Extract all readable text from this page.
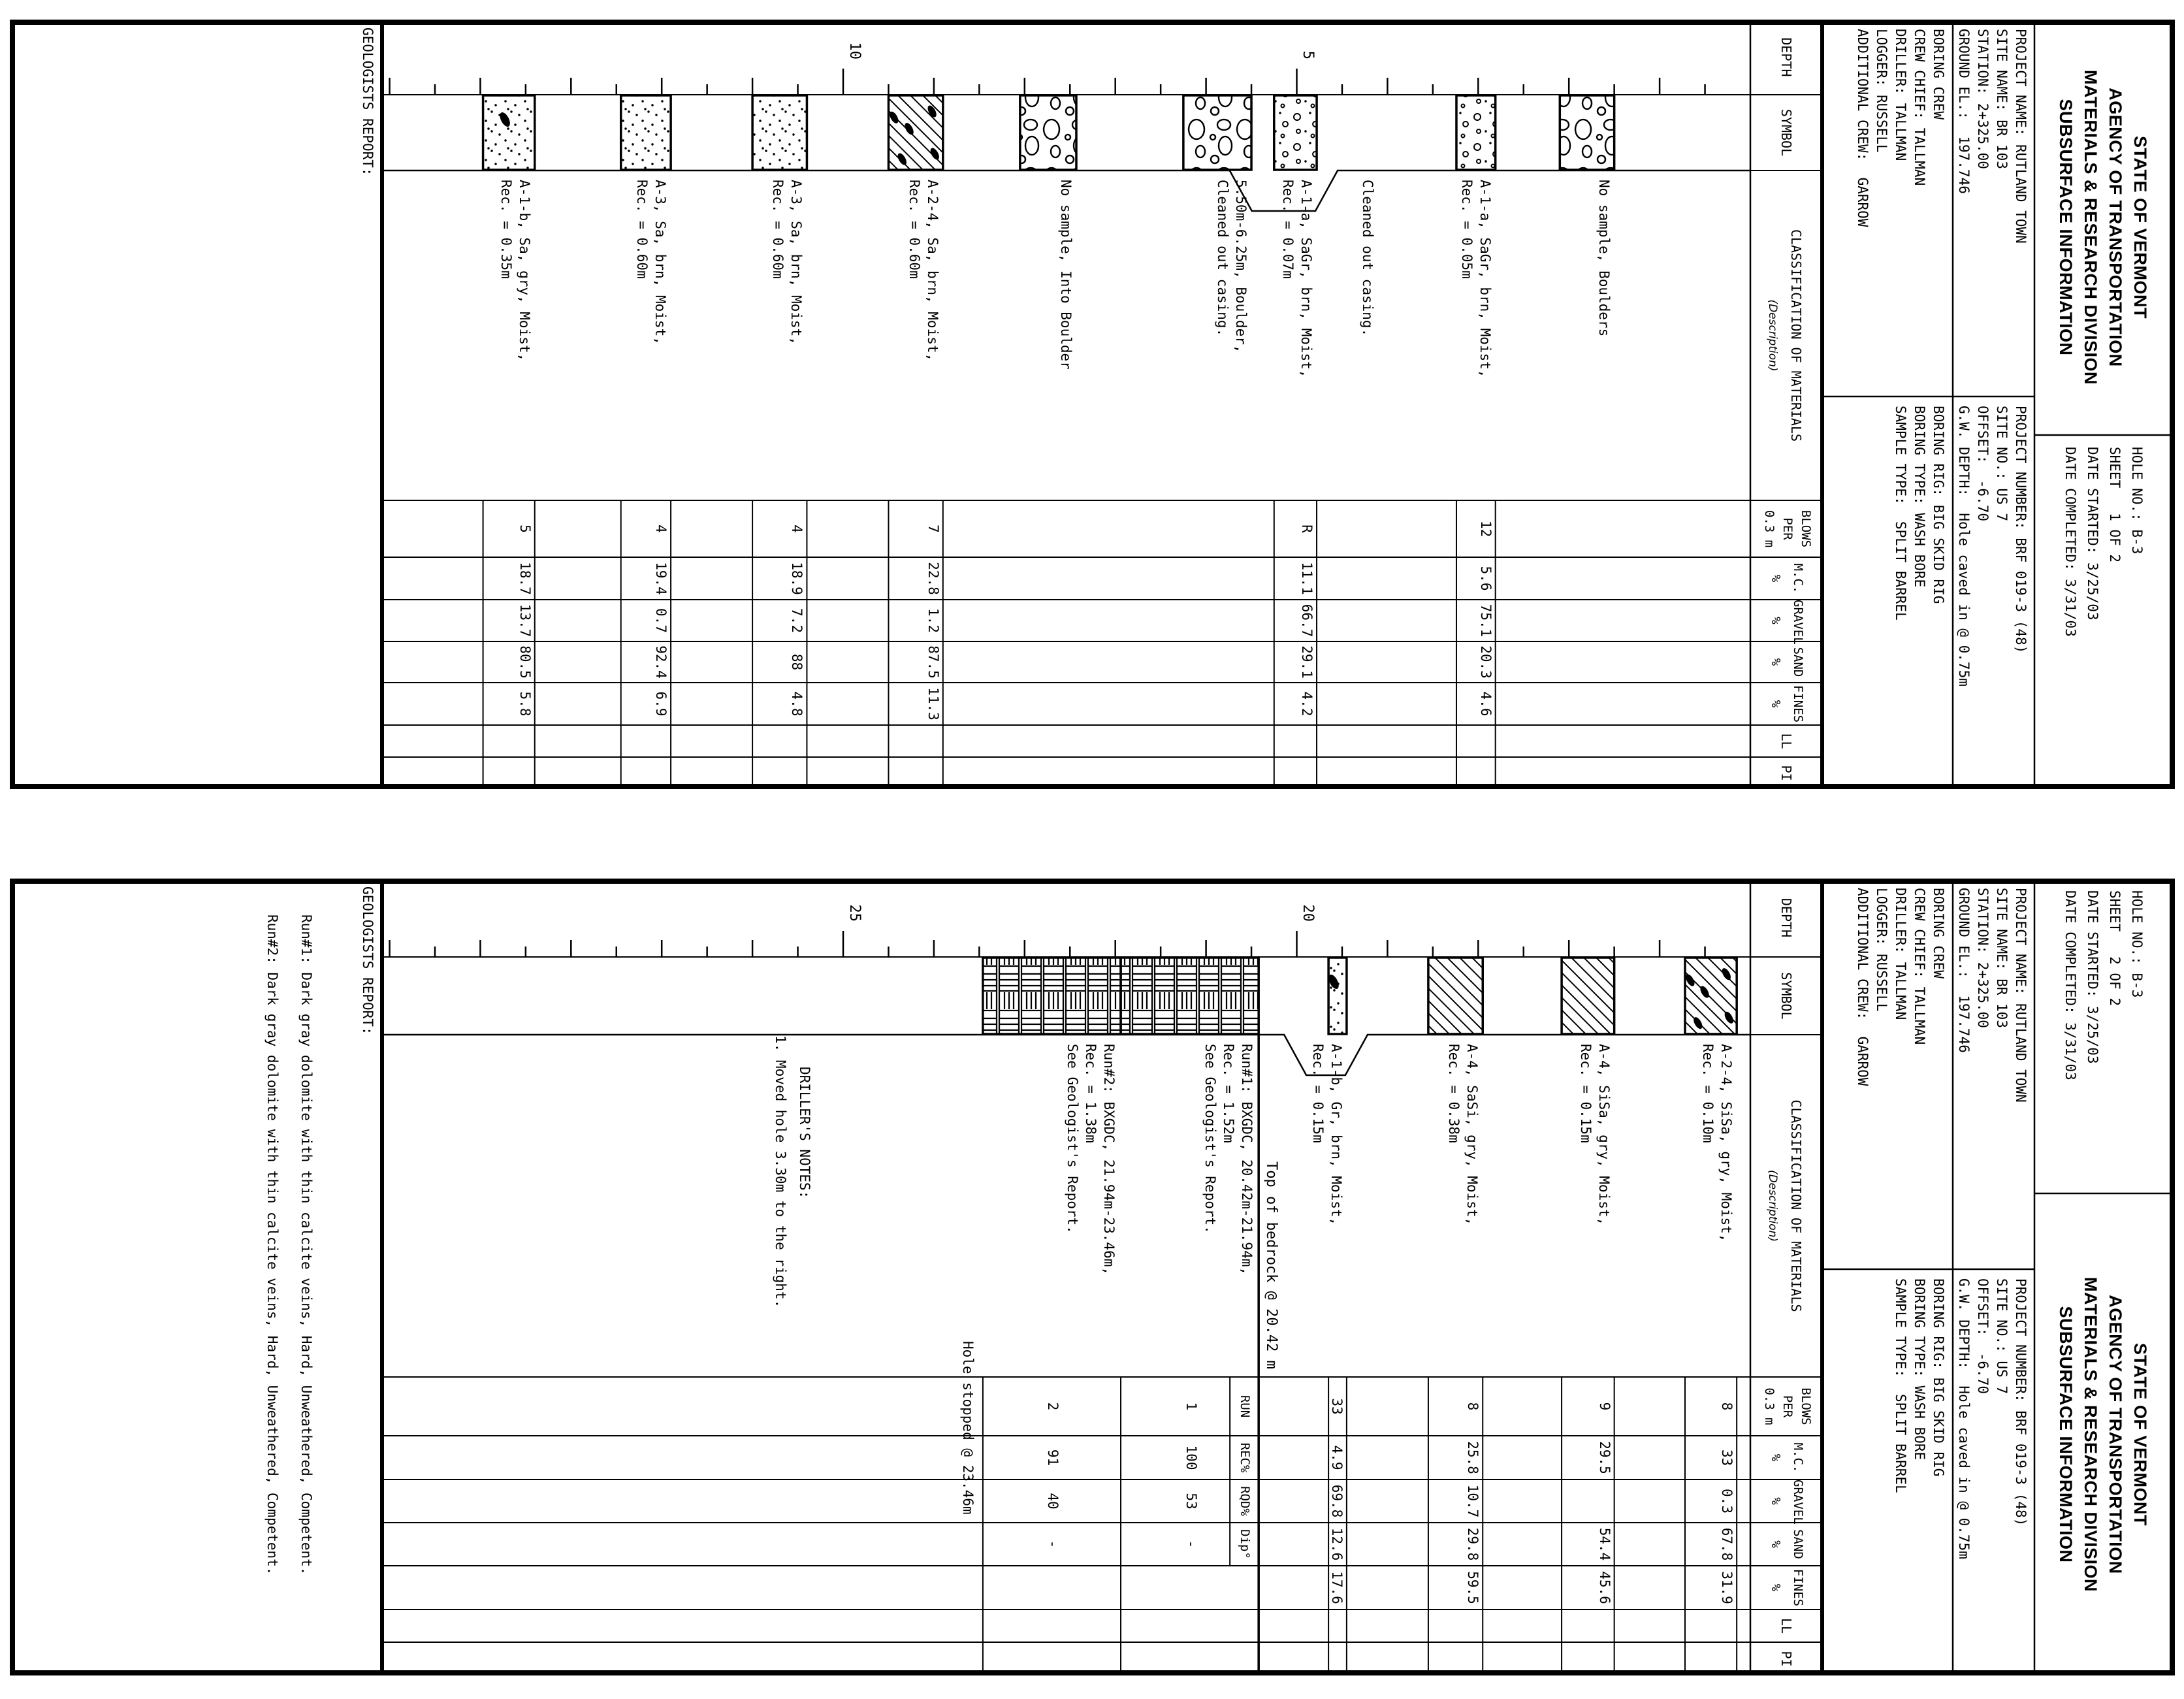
STATE OF VERMONT
AGENCY OF TRANSPORTATION
MATERIALS & RESEARCH DIVISION
SUBSURFACE INFORMATION
HOLE NO.: B-3
SHEET   1 OF 2
DATE STARTED: 3/25/03
DATE COMPLETED: 3/31/03
PROJECT NAME: RUTLAND TOWN
SITE NAME: BR 103
STATION: 2+325.00
GROUND EL.:  197.746
PROJECT NUMBER: BRF 019-3 (48)
SITE NO.: US 7
OFFSET:  -6.70
G.W. DEPTH:  Hole caved in @ 0.75m
BORING CREW
CREW CHIEF: TALLMAN
DRILLER: TALLMAN
LOGGER: RUSSELL
ADDITIONAL CREW:  GARROW
BORING RIG: BIG SKID RIG
BORING TYPE: WASH BORE
SAMPLE TYPE:  SPLIT BARREL
DEPTH
SYMBOL
CLASSIFICATION OF MATERIALS
(Description)
BLOWS
PER
0.3 m
M.C.
%
GRAVEL
%
SAND
%
FINES
%
LL
PI
5
10
No sample, Boulders
A-1-a, SaGr, brn, Moist,
Rec. = 0.05m
12
5.6
75.1
20.3
4.6
A-1-a, SaGr, brn, Moist,
Rec. = 0.07m
R
11.1
66.7
29.1
4.2
5.50m-6.25m, Boulder,
Cleaned out casing.
No sample, Into Boulder
A-2-4, Sa, brn, Moist,
Rec. = 0.60m
7
22.8
1.2
87.5
11.3
A-3, Sa, brn, Moist,
Rec. = 0.60m
4
18.9
7.2
88
4.8
A-3, Sa, brn, Moist,
Rec. = 0.60m
4
19.4
0.7
92.4
6.9
A-1-b, Sa, gry, Moist,
Rec. = 0.35m
5
18.7
13.7
80.5
5.8
Cleaned out casing.
GEOLOGISTS REPORT:
STATE OF VERMONT
AGENCY OF TRANSPORTATION
MATERIALS & RESEARCH DIVISION
SUBSURFACE INFORMATION
HOLE NO.: B-3
SHEET   2 OF 2
DATE STARTED: 3/25/03
DATE COMPLETED: 3/31/03
PROJECT NAME: RUTLAND TOWN
SITE NAME: BR 103
STATION: 2+325.00
GROUND EL.:  197.746
PROJECT NUMBER: BRF 019-3 (48)
SITE NO.: US 7
OFFSET:  -6.70
G.W. DEPTH:  Hole caved in @ 0.75m
BORING CREW
CREW CHIEF: TALLMAN
DRILLER: TALLMAN
LOGGER: RUSSELL
ADDITIONAL CREW:  GARROW
BORING RIG: BIG SKID RIG
BORING TYPE: WASH BORE
SAMPLE TYPE:  SPLIT BARREL
DEPTH
SYMBOL
CLASSIFICATION OF MATERIALS
(Description)
BLOWS
PER
0.3 m
M.C.
%
GRAVEL
%
SAND
%
FINES
%
LL
PI
20
25
A-2-4, SiSa, gry, Moist,
Rec. = 0.10m
8
33
0.3
67.8
31.9
A-4, SiSa, gry, Moist,
Rec. = 0.15m
9
29.5
54.4
45.6
A-4, SaSi, gry, Moist,
Rec. = 0.38m
8
25.8
10.7
29.8
59.5
A-1-b, Gr, brn, Moist,
Rec. = 0.15m
33
4.9
69.8
12.6
17.6
Top of bedrock @ 20.42 m
RUN
REC%
RQD%
Dip°
Run#1: BXGDC, 20.42m-21.94m,
Rec. = 1.52m
See Geologist's Report.
1
100
53
-
Run#2: BXGDC, 21.94m-23.46m,
Rec. = 1.38m
See Geologist's Report.
2
91
40
-
Hole stopped @ 23.46m
DRILLER'S NOTES:
1. Moved hole 3.30m to the right.
GEOLOGISTS REPORT:
Run#1: Dark gray dolomite with thin calcite veins, Hard, Unweathered, Competent.
Run#2: Dark gray dolomite with thin calcite veins, Hard, Unweathered, Competent.
